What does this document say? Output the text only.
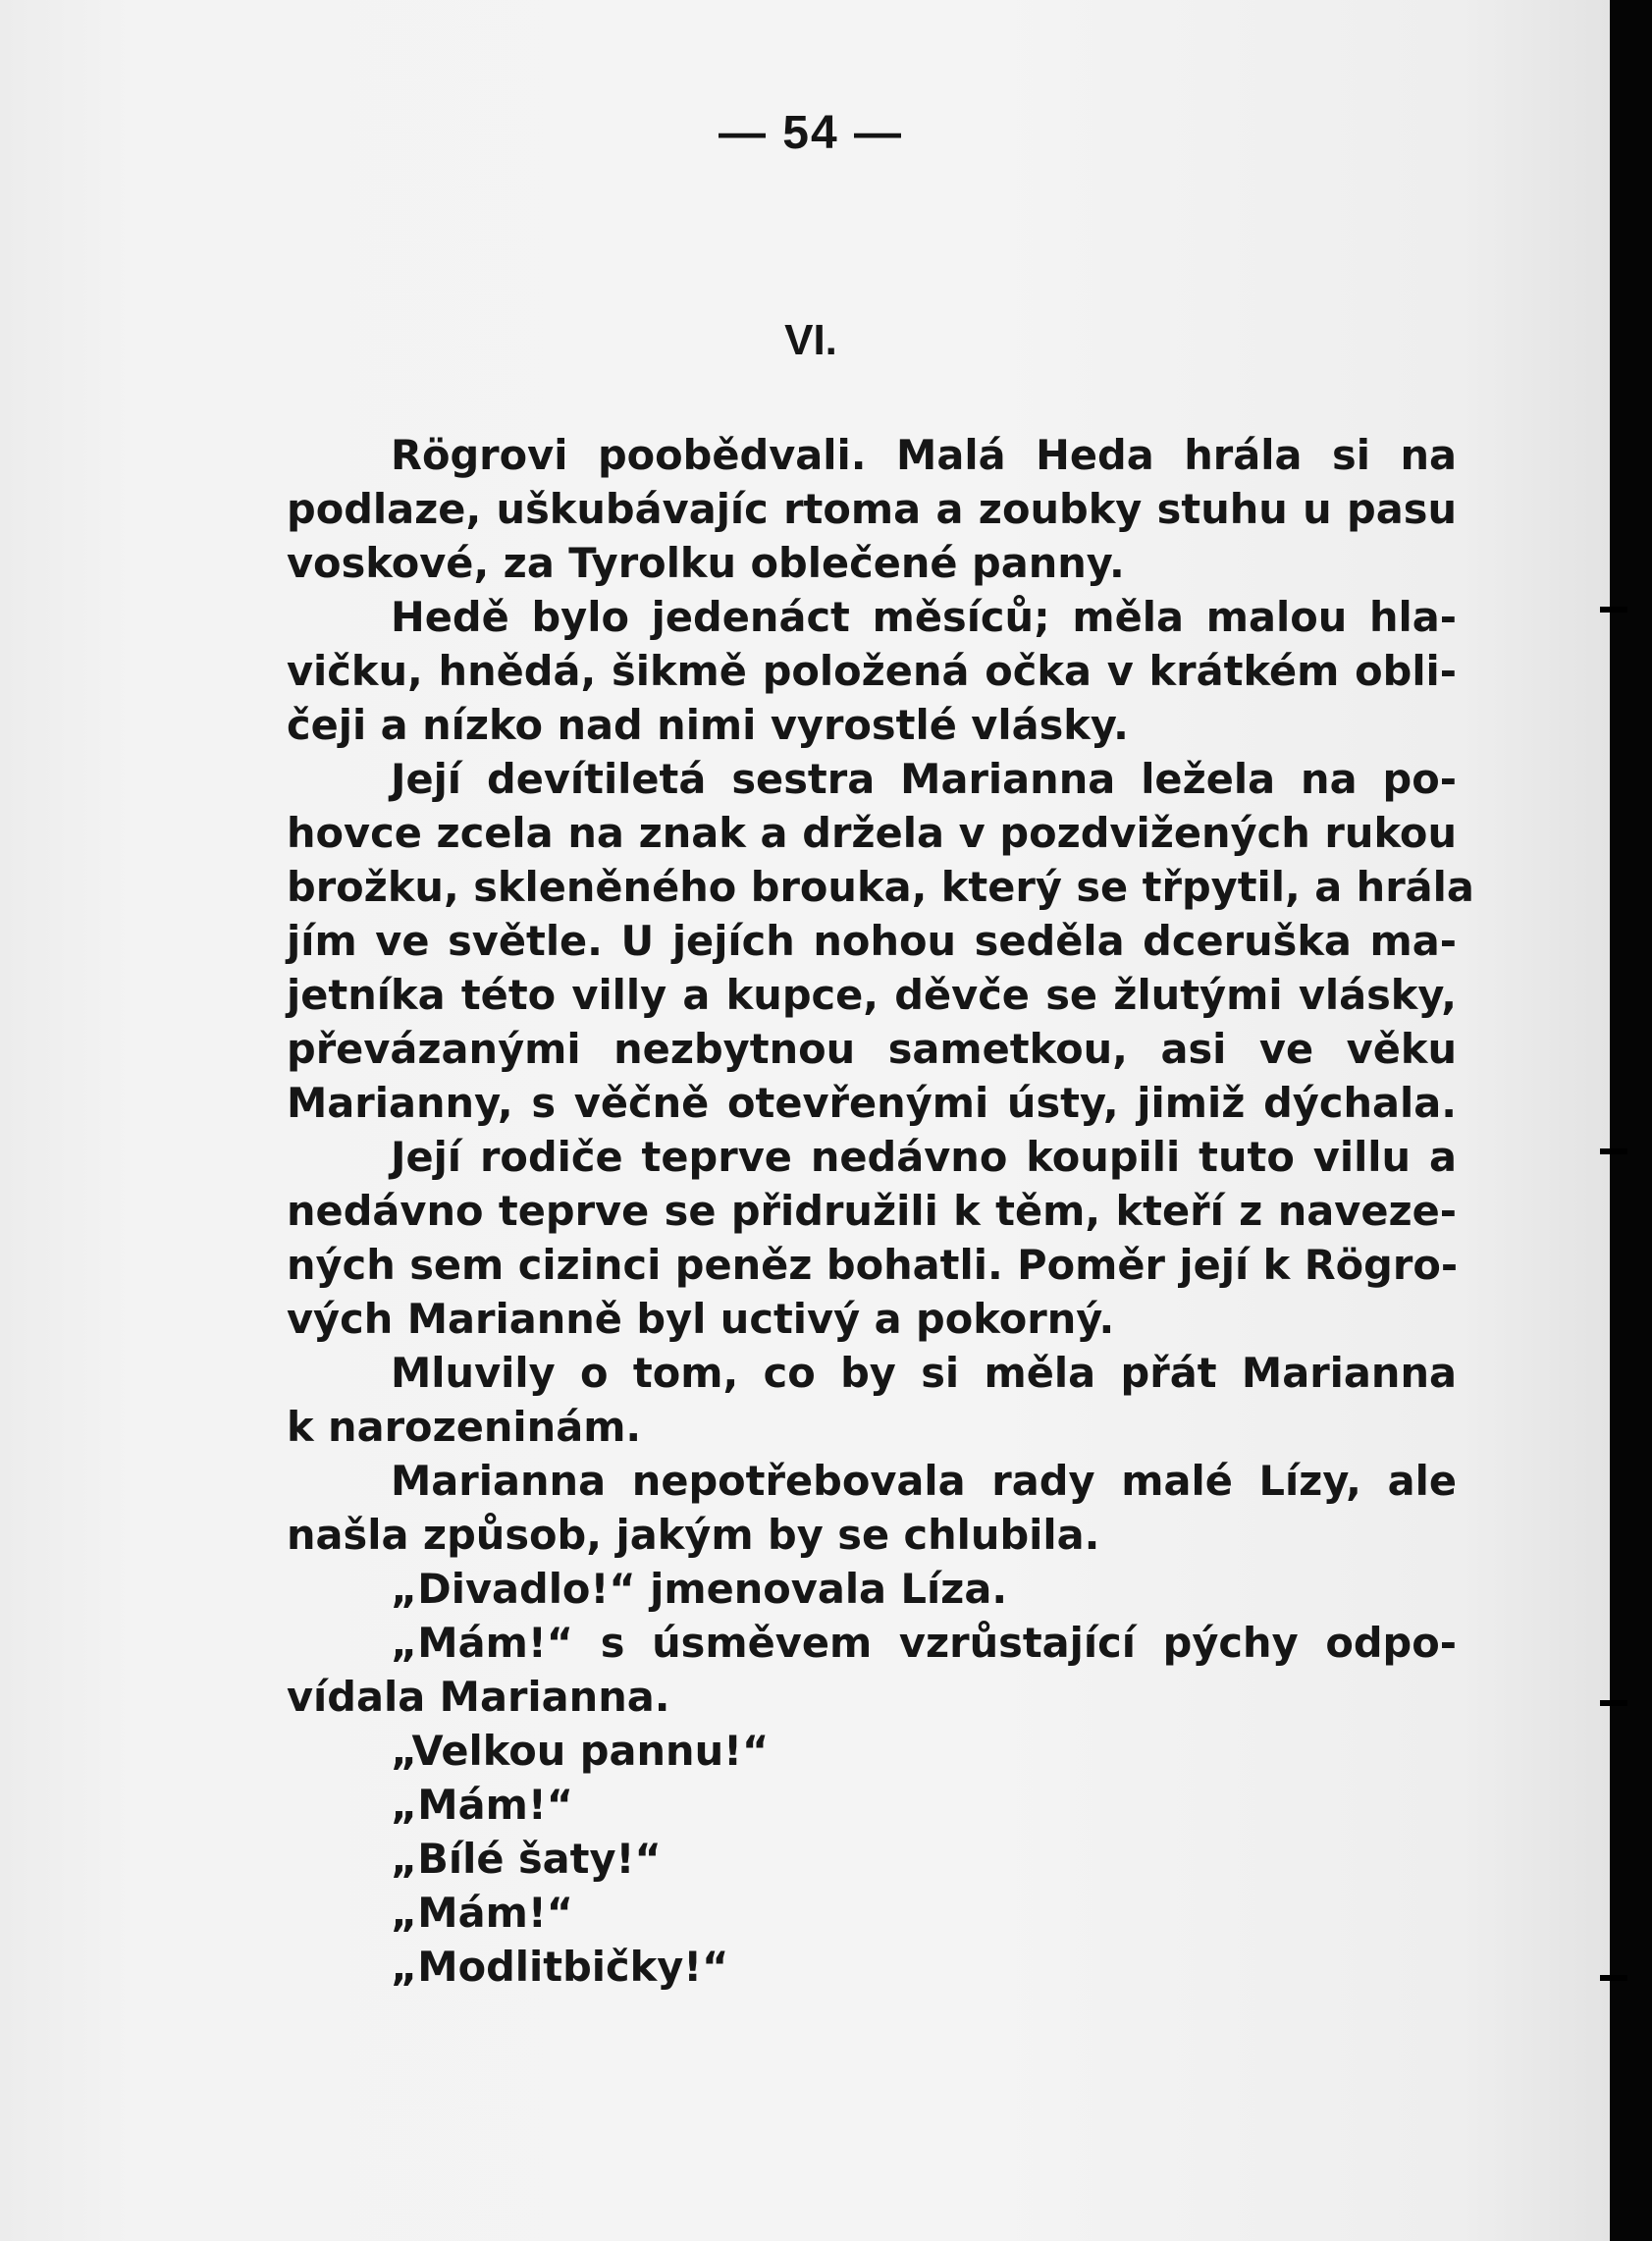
— 54 —
VI.
Rögrovi poobědvali. Malá Heda hrála si na
podlaze, uškubávajíc rtoma a zoubky stuhu u pasu
voskové, za Tyrolku oblečené panny.
Hedě bylo jedenáct měsíců; měla malou hla-
vičku, hnědá, šikmě položená očka v krátkém obli-
čeji a nízko nad nimi vyrostlé vlásky.
Její devítiletá sestra Marianna ležela na po-
hovce zcela na znak a držela v pozdvižených rukou
brožku, skleněného brouka, který se třpytil, a hrála
jím ve světle. U jejích nohou seděla dceruška ma-
jetníka této villy a kupce, děvče se žlutými vlásky,
převázanými nezbytnou sametkou, asi ve věku
Marianny, s věčně otevřenými ústy, jimiž dýchala.
Její rodiče teprve nedávno koupili tuto villu a
nedávno teprve se přidružili k těm, kteří z naveze-
ných sem cizinci peněz bohatli. Poměr její k Rögro-
vých Marianně byl uctivý a pokorný.
Mluvily o tom, co by si měla přát Marianna
k narozeninám.
Marianna nepotřebovala rady malé Lízy, ale
našla způsob, jakým by se chlubila.
„Divadlo!“ jmenovala Líza.
„Mám!“ s úsměvem vzrůstající pýchy odpo-
vídala Marianna.
„Velkou pannu!“
„Mám!“
„Bílé šaty!“
„Mám!“
„Modlitbičky!“
